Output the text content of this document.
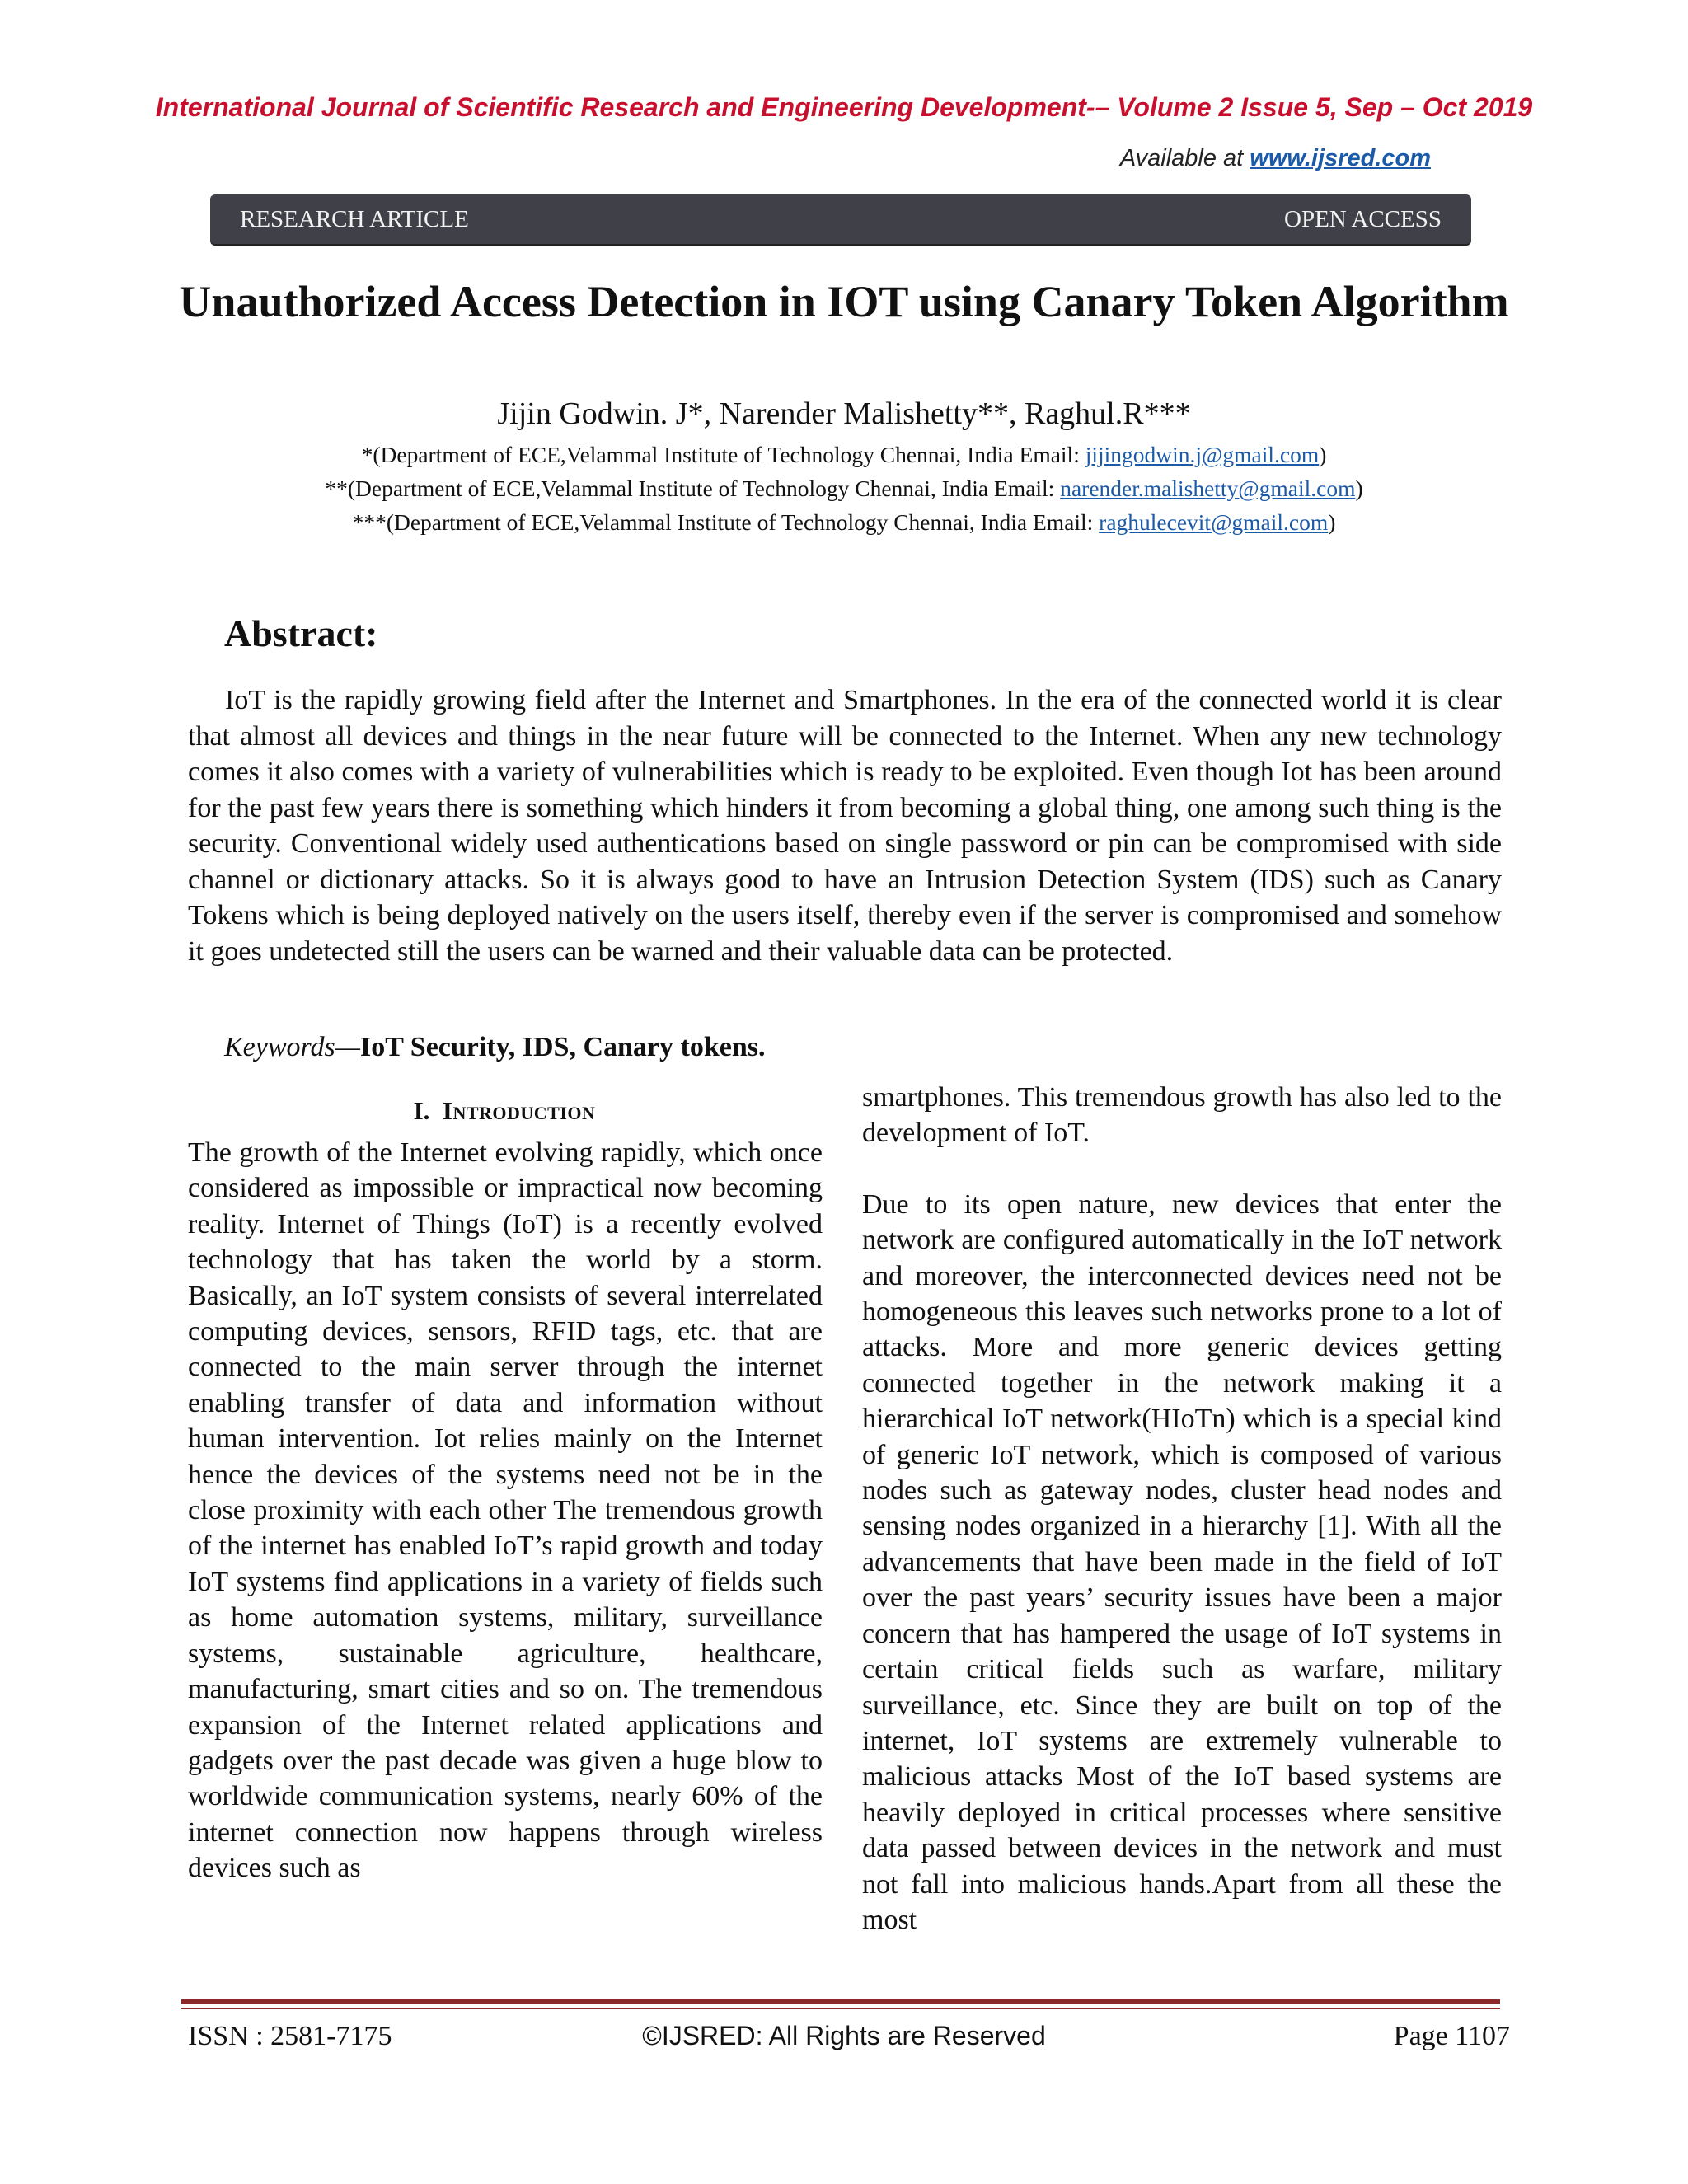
International Journal of Scientific Research and Engineering Development-– Volume 2 Issue 5, Sep – Oct 2019
Available at www.ijsred.com
RESEARCH ARTICLE	OPEN ACCESS
Unauthorized Access Detection in IOT using Canary Token Algorithm
Jijin Godwin. J*, Narender Malishetty**, Raghul.R***
*(Department of ECE,Velammal Institute of Technology Chennai, India Email: jijingodwin.j@gmail.com)
**(Department of ECE,Velammal Institute of Technology Chennai, India Email: narender.malishetty@gmail.com)
***(Department of ECE,Velammal Institute of Technology Chennai, India Email: raghulecevit@gmail.com)
Abstract:

IoT is the rapidly growing field after the Internet and Smartphones. In the era of the connected world it is clear that almost all devices and things in the near future will be connected to the Internet. When any new technology comes it also comes with a variety of vulnerabilities which is ready to be exploited. Even though Iot has been around for the past few years there is something which hinders it from becoming a global thing, one among such thing is the security. Conventional widely used authentications based on single password or pin can be compromised with side channel or dictionary attacks. So it is always good to have an Intrusion Detection System (IDS) such as Canary Tokens which is being deployed natively on the users itself, thereby even if the server is compromised and somehow it goes undetected still the users can be warned and their valuable data can be protected.

Keywords—IoT Security, IDS, Canary tokens.
I. Introduction

The growth of the Internet evolving rapidly, which once considered as impossible or impractical now becoming reality. Internet of Things (IoT) is a recently evolved technology that has taken the world by a storm. Basically, an IoT system consists of several interrelated computing devices, sensors, RFID tags, etc. that are connected to the main server through the internet enabling transfer of data and information without human intervention. Iot relies mainly on the Internet hence the devices of the systems need not be in the close proximity with each other The tremendous growth of the internet has enabled IoT’s rapid growth and today IoT systems find applications in a variety of fields such as home automation systems, military, surveillance systems, sustainable agriculture, healthcare, manufacturing, smart cities and so on. The tremendous expansion of the Internet related applications and gadgets over the past decade was given a huge blow to worldwide communication systems, nearly 60% of the internet connection now happens through wireless devices such as

smartphones. This tremendous growth has also led to the development of IoT.

Due to its open nature, new devices that enter the network are configured automatically in the IoT network and moreover, the interconnected devices need not be homogeneous this leaves such networks prone to a lot of attacks. More and more generic devices getting connected together in the network making it a hierarchical IoT network(HIoTn) which is a special kind of generic IoT network, which is composed of various nodes such as gateway nodes, cluster head nodes and sensing nodes organized in a hierarchy [1]. With all the advancements that have been made in the field of IoT over the past years’ security issues have been a major concern that has hampered the usage of IoT systems in certain critical fields such as warfare, military surveillance, etc. Since they are built on top of the internet, IoT systems are extremely vulnerable to malicious attacks Most of the IoT based systems are heavily deployed in critical processes where sensitive data passed between devices in the network and must not fall into malicious hands.Apart from all these the most

ISSN : 2581-7175	©IJSRED: All Rights are Reserved	Page 1107
